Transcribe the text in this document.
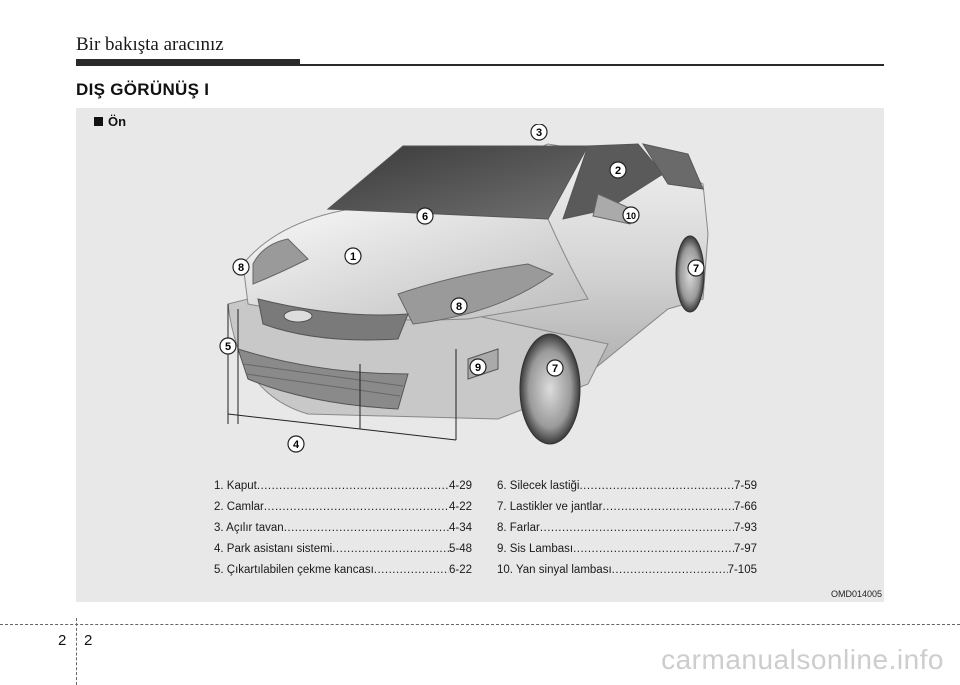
Bir bakışta aracınız
DIŞ GÖRÜNÜŞ I
Ön
1
2
3
4
5
6
7
7
8
8
9
10
1. Kaput .....	4-29
2. Camlar .....	4-22
3. Açılır tavan .....	4-34
4. Park asistanı sistemi .....	5-48
5. Çıkartılabilen çekme kancası .....	6-22
6. Silecek lastiği .....	7-59
7. Lastikler ve jantlar .....	7-66
8. Farlar .....	7-93
9. Sis Lambası .....	7-97
10. Yan sinyal lambası .....	7-105
OMD014005
2 2
carmanualsonline.info
